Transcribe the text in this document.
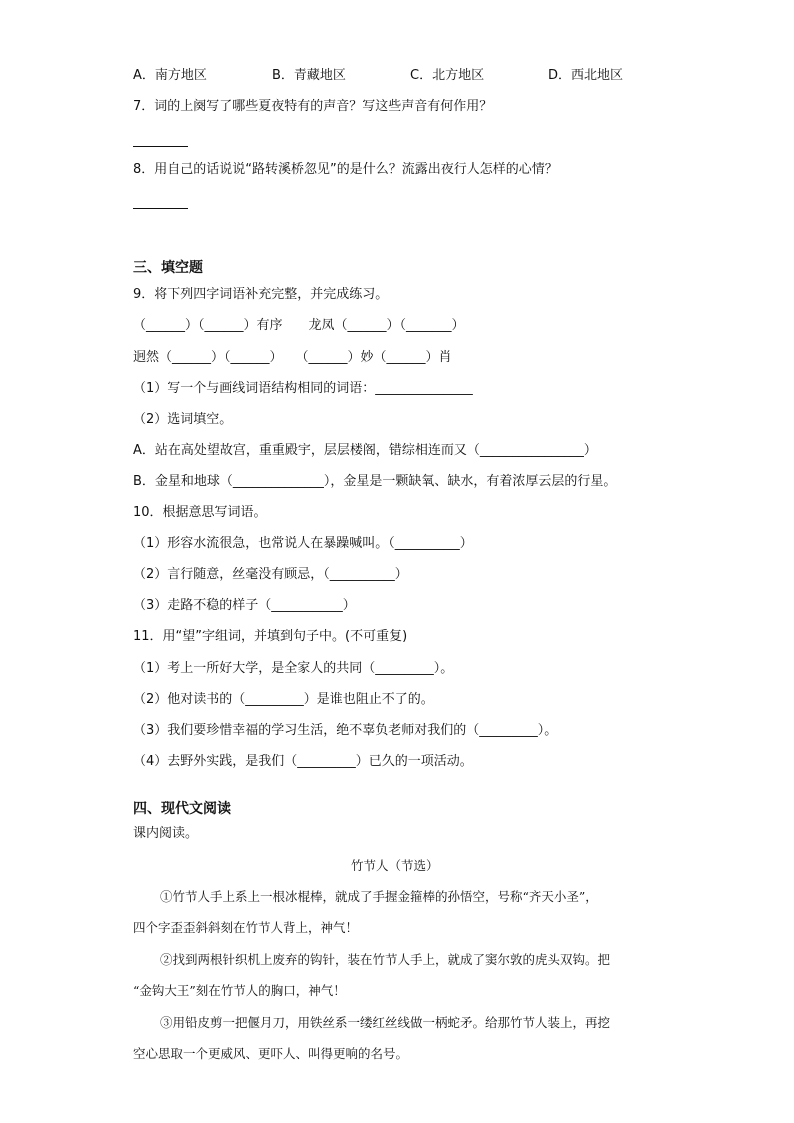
A．南方地区	B．青藏地区	C．北方地区	D．西北地区
7．词的上阕写了哪些夏夜特有的声音？写这些声音有何作用？
8．用自己的话说说“路转溪桥忽见”的是什么？流露出夜行人怎样的心情？
三、填空题
9．将下列四字词语补充完整，并完成练习。
（______）（______）有序　　龙凤（______）（_______）
迥然（______）（______）　　（______）妙（______）肖
（1）写一个与画线词语结构相同的词语：_______________
（2）选词填空。
A．站在高处望故宫，重重殿宇，层层楼阁，错综相连而又（________________）
B．金星和地球（______________），金星是一颗缺氧、缺水，有着浓厚云层的行星。
10．根据意思写词语。
（1）形容水流很急，也常说人在暴躁喊叫。（__________）
（2）言行随意，丝毫没有顾忌，（__________）
（3）走路不稳的样子（___________）
11．用“望”字组词，并填到句子中。(不可重复)
（1）考上一所好大学，是全家人的共同（_________）。
（2）他对读书的（_________）是谁也阻止不了的。
（3）我们要珍惜幸福的学习生活，绝不辜负老师对我们的（_________）。
（4）去野外实践，是我们（_________）已久的一项活动。
四、现代文阅读
课内阅读。
竹节人（节选）
①竹节人手上系上一根冰棍棒，就成了手握金箍棒的孙悟空，号称“齐天小圣”，
四个字歪歪斜斜刻在竹节人背上，神气！
②找到两根针织机上废弃的钩针，装在竹节人手上，就成了窦尔敦的虎头双钩。把
“金钩大王”刻在竹节人的胸口，神气！
③用铅皮剪一把偃月刀，用铁丝系一缕红丝线做一柄蛇矛。给那竹节人装上，再挖
空心思取一个更威风、更吓人、叫得更响的名号。
